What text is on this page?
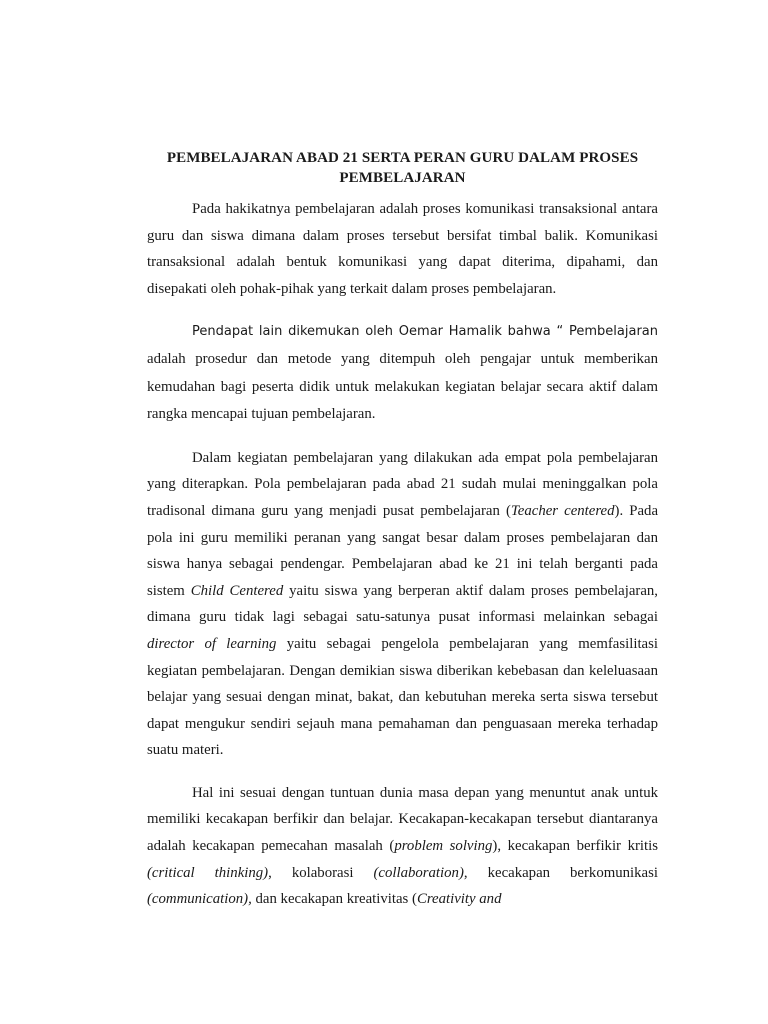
PEMBELAJARAN ABAD 21 SERTA PERAN GURU DALAM PROSES
PEMBELAJARAN

Pada hakikatnya pembelajaran adalah proses komunikasi transaksional antara guru dan siswa dimana dalam proses tersebut bersifat timbal balik. Komunikasi transaksional adalah bentuk komunikasi yang dapat diterima, dipahami, dan disepakati oleh pohak-pihak yang terkait dalam proses pembelajaran.

Pendapat lain dikemukan oleh Oemar Hamalik bahwa “ Pembelajaran adalah prosedur dan metode yang ditempuh oleh pengajar untuk memberikan kemudahan bagi peserta didik untuk melakukan kegiatan belajar secara aktif dalam rangka mencapai tujuan pembelajaran.

Dalam kegiatan pembelajaran yang dilakukan ada empat pola pembelajaran yang diterapkan. Pola pembelajaran pada abad 21 sudah mulai meninggalkan pola tradisonal dimana guru yang menjadi pusat pembelajaran (Teacher centered). Pada pola ini guru memiliki peranan yang sangat besar dalam proses pembelajaran dan siswa hanya sebagai pendengar. Pembelajaran abad ke 21 ini telah berganti pada sistem Child Centered yaitu siswa yang berperan aktif dalam proses pembelajaran, dimana guru tidak lagi sebagai satu-satunya pusat informasi melainkan sebagai director of learning yaitu sebagai pengelola pembelajaran yang memfasilitasi kegiatan pembelajaran. Dengan demikian siswa diberikan kebebasan dan keleluasaan belajar yang sesuai dengan minat, bakat, dan kebutuhan mereka serta siswa tersebut dapat mengukur sendiri sejauh mana pemahaman dan penguasaan mereka terhadap suatu materi.

Hal ini sesuai dengan tuntuan dunia masa depan yang menuntut anak untuk memiliki kecakapan berfikir dan belajar. Kecakapan-kecakapan tersebut diantaranya adalah kecakapan pemecahan masalah (problem solving), kecakapan berfikir kritis (critical thinking), kolaborasi (collaboration), kecakapan berkomunikasi (communication), dan kecakapan kreativitas (Creativity and
